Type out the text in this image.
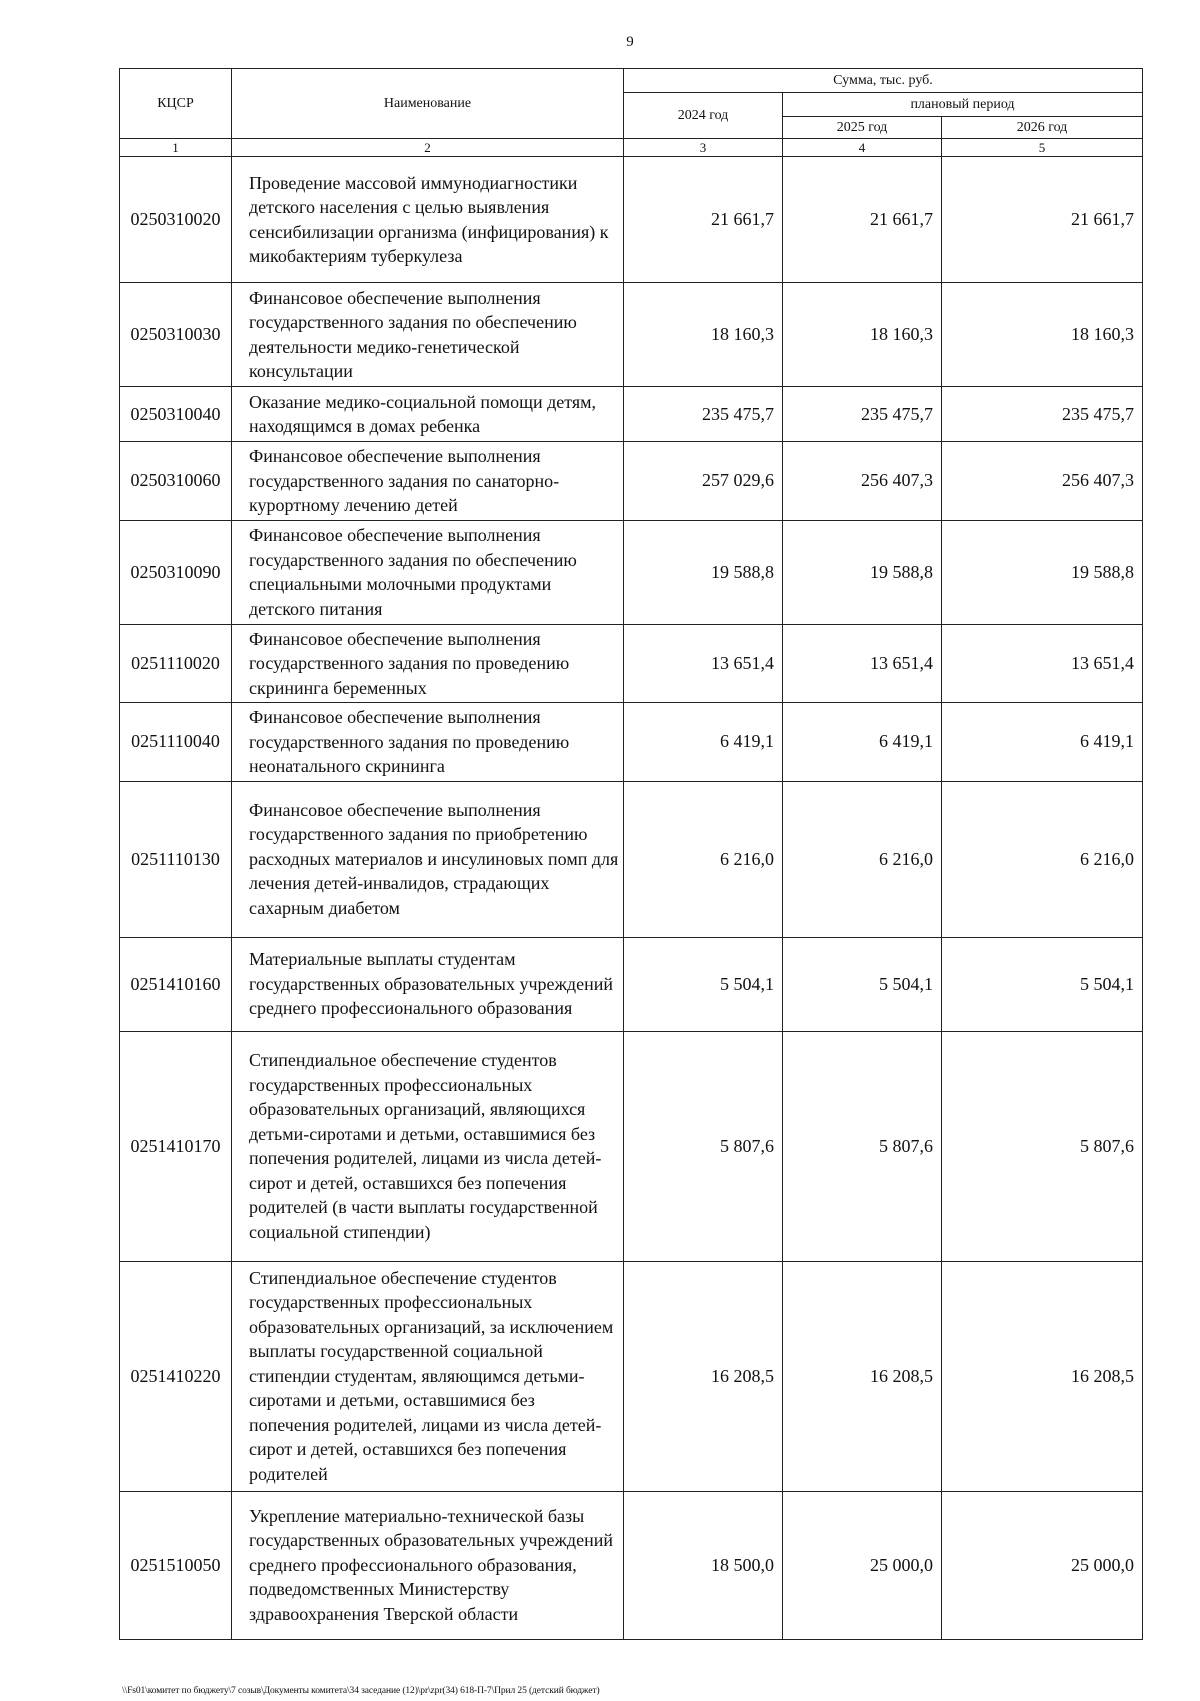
9
КЦСР	Наименование	Сумма, тыс. руб.		
		2024 год	плановый период	
			2025 год	2026 год
1	2	3	4	5
0250310020	Проведение массовой иммунодиагностики детского населения с целью выявления сенсибилизации организма (инфицирования) к микобактериям туберкулеза	21 661,7	21 661,7	21 661,7
0250310030	Финансовое обеспечение выполнения государственного задания по обеспечению деятельности медико-генетической консультации	18 160,3	18 160,3	18 160,3
0250310040	Оказание медико-социальной помощи детям, находящимся в домах ребенка	235 475,7	235 475,7	235 475,7
0250310060	Финансовое обеспечение выполнения государственного задания по санаторно-курортному лечению детей	257 029,6	256 407,3	256 407,3
0250310090	Финансовое обеспечение выполнения государственного задания по обеспечению специальными молочными продуктами детского питания	19 588,8	19 588,8	19 588,8
0251110020	Финансовое обеспечение выполнения государственного задания по проведению скрининга беременных	13 651,4	13 651,4	13 651,4
0251110040	Финансовое обеспечение выполнения государственного задания по проведению неонатального скрининга	6 419,1	6 419,1	6 419,1
0251110130	Финансовое обеспечение выполнения государственного задания по приобретению расходных материалов и инсулиновых помп для лечения детей-инвалидов, страдающих сахарным диабетом	6 216,0	6 216,0	6 216,0
0251410160	Материальные выплаты студентам государственных образовательных учреждений среднего профессионального образования	5 504,1	5 504,1	5 504,1
0251410170	Стипендиальное обеспечение студентов государственных профессиональных образовательных организаций, являющихся детьми-сиротами и детьми, оставшимися без попечения родителей, лицами из числа детей-сирот и детей, оставшихся без попечения родителей (в части выплаты государственной социальной стипендии)	5 807,6	5 807,6	5 807,6
0251410220	Стипендиальное обеспечение студентов государственных профессиональных образовательных организаций, за исключением выплаты государственной социальной стипендии студентам, являющимся детьми-сиротами и детьми, оставшимися без попечения родителей, лицами из числа детей-сирот и детей, оставшихся без попечения родителей	16 208,5	16 208,5	16 208,5
0251510050	Укрепление материально-технической базы государственных образовательных учреждений среднего профессионального образования, подведомственных Министерству здравоохранения Тверской области	18 500,0	25 000,0	25 000,0
\\Fs01\комитет по бюджету\7 созыв\Документы комитета\34 заседание (12)\pr\zpr(34) 618-П-7\Прил 25 (детский бюджет)
